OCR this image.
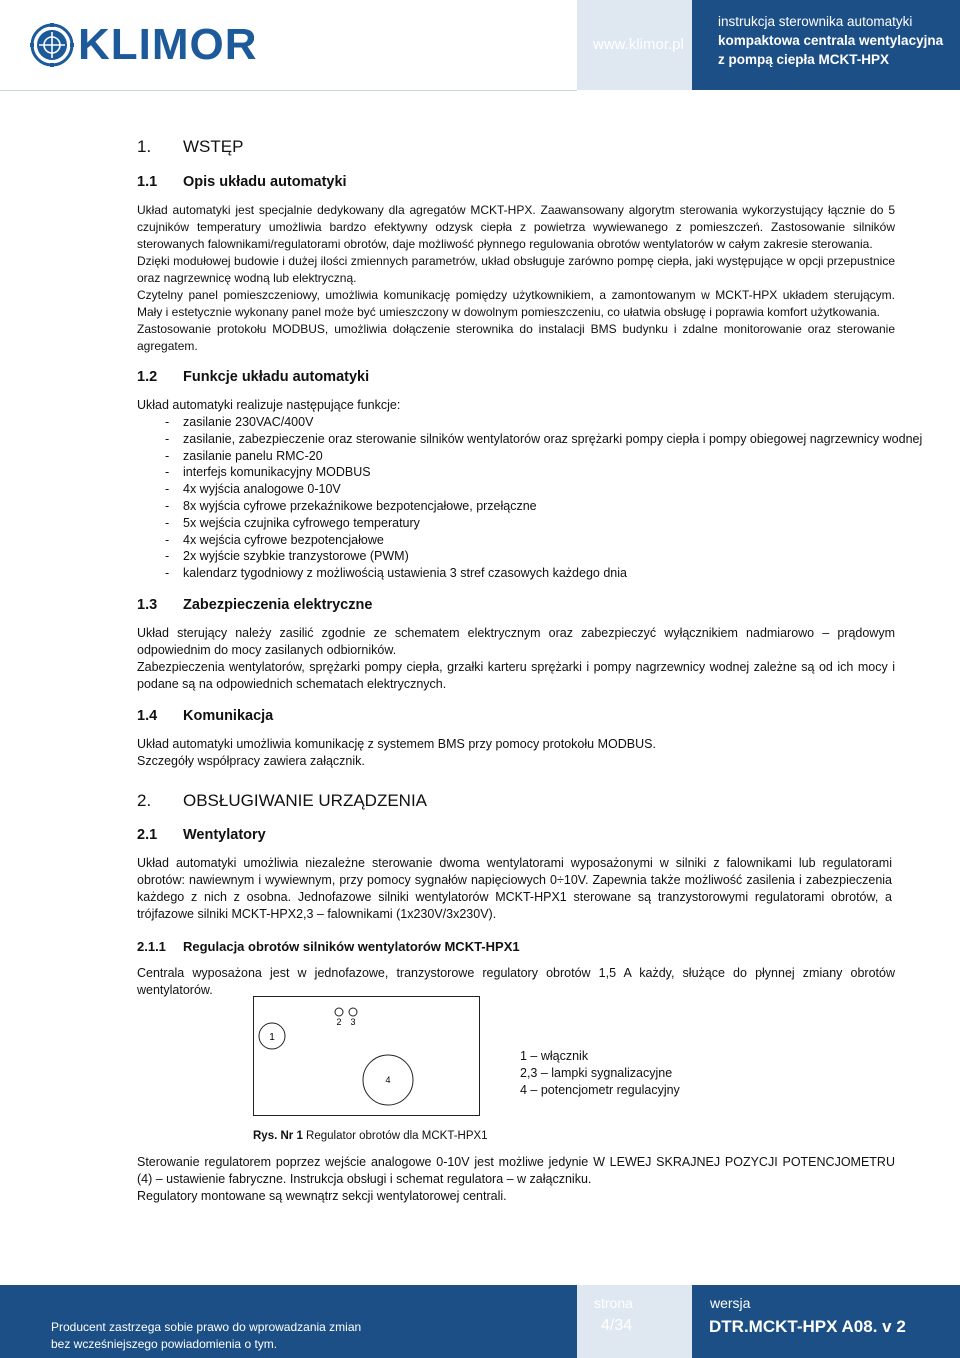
KLIMOR	www.klimor.pl
instrukcja sterownika automatyki
kompaktowa centrala wentylacyjna
z pompą ciepła MCKT-HPX
1. WSTĘP
1.1 Opis układu automatyki

Układ automatyki jest specjalnie dedykowany dla agregatów MCKT-HPX. Zaawansowany algorytm sterowania wykorzystujący łącznie do 5 czujników temperatury umożliwia bardzo efektywny odzysk ciepła z powietrza wywiewanego z pomieszczeń. Zastosowanie silników sterowanych falownikami/regulatorami obrotów, daje możliwość płynnego regulowania obrotów wentylatorów w całym zakresie sterowania.

Dzięki modułowej budowie i dużej ilości zmiennych parametrów, układ obsługuje zarówno pompę ciepła, jaki występujące w opcji przepustnice oraz nagrzewnicę wodną lub elektryczną.

Czytelny panel pomieszczeniowy, umożliwia komunikację pomiędzy użytkownikiem, a zamontowanym w MCKT-HPX układem sterującym. Mały i estetycznie wykonany panel może być umieszczony w dowolnym pomieszczeniu, co ułatwia obsługę i poprawia komfort użytkowania.

Zastosowanie protokołu MODBUS, umożliwia dołączenie sterownika do instalacji BMS budynku i zdalne monitorowanie oraz sterowanie agregatem.

1.2 Funkcje układu automatyki

Układ automatyki realizuje następujące funkcje:

- zasilanie 230VAC/400V
- zasilanie, zabezpieczenie oraz sterowanie silników wentylatorów oraz sprężarki pompy ciepła i pompy obiegowej nagrzewnicy wodnej
- zasilanie panelu RMC-20
- interfejs komunikacyjny MODBUS
- 4x wyjścia analogowe 0-10V
- 8x wyjścia cyfrowe przekaźnikowe bezpotencjałowe, przełączne
- 5x wejścia czujnika cyfrowego temperatury
- 4x wejścia cyfrowe bezpotencjałowe
- 2x wyjście szybkie tranzystorowe (PWM)
- kalendarz tygodniowy z możliwością ustawienia 3 stref czasowych każdego dnia
1.3 Zabezpieczenia elektryczne

Układ sterujący należy zasilić zgodnie ze schematem elektrycznym oraz zabezpieczyć wyłącznikiem nadmiarowo – prądowym odpowiednim do mocy zasilanych odbiorników.

Zabezpieczenia wentylatorów, sprężarki pompy ciepła, grzałki karteru sprężarki i pompy nagrzewnicy wodnej zależne są od ich mocy i podane są na odpowiednich schematach elektrycznych.

1.4 Komunikacja

Układ automatyki umożliwia komunikację z systemem BMS przy pomocy protokołu MODBUS.

Szczegóły współpracy zawiera załącznik.

2. OBSŁUGIWANIE URZĄDZENIA
2.1 Wentylatory

Układ automatyki umożliwia niezależne sterowanie dwoma wentylatorami wyposażonymi w silniki z falownikami lub regulatorami obrotów: nawiewnym i wywiewnym, przy pomocy sygnałów napięciowych 0÷10V. Zapewnia także możliwość zasilenia i zabezpieczenia każdego z nich z osobna. Jednofazowe silniki wentylatorów MCKT-HPX1 sterowane są tranzystorowymi regulatorami obrotów, a trójfazowe silniki MCKT-HPX2,3 – falownikami (1x230V/3x230V).

2.1.1 Regulacja obrotów silników wentylatorów MCKT-HPX1

Centrala wyposażona jest w jednofazowe, tranzystorowe regulatory obrotów 1,5 A każdy, służące do płynnej zmiany obrotów wentylatorów.

Sterowanie regulatorem poprzez wejście analogowe 0-10V jest możliwe jedynie W LEWEJ SKRAJNEJ POZYCJI POTENCJOMETRU (4) – ustawienie fabryczne. Instrukcja obsługi i schemat regulatora – w załączniku.

Regulatory montowane są wewnątrz sekcji wentylatorowej centrali.

1
2 3
4
1 – włącznik
2,3 – lampki sygnalizacyjne
4 – potencjometr regulacyjny
Rys. Nr 1 Regulator obrotów dla MCKT-HPX1
Producent zastrzega sobie prawo do wprowadzania zmian
bez wcześniejszego powiadomienia o tym.
strona
4/34
wersja
DTR.MCKT-HPX A08. v 2
